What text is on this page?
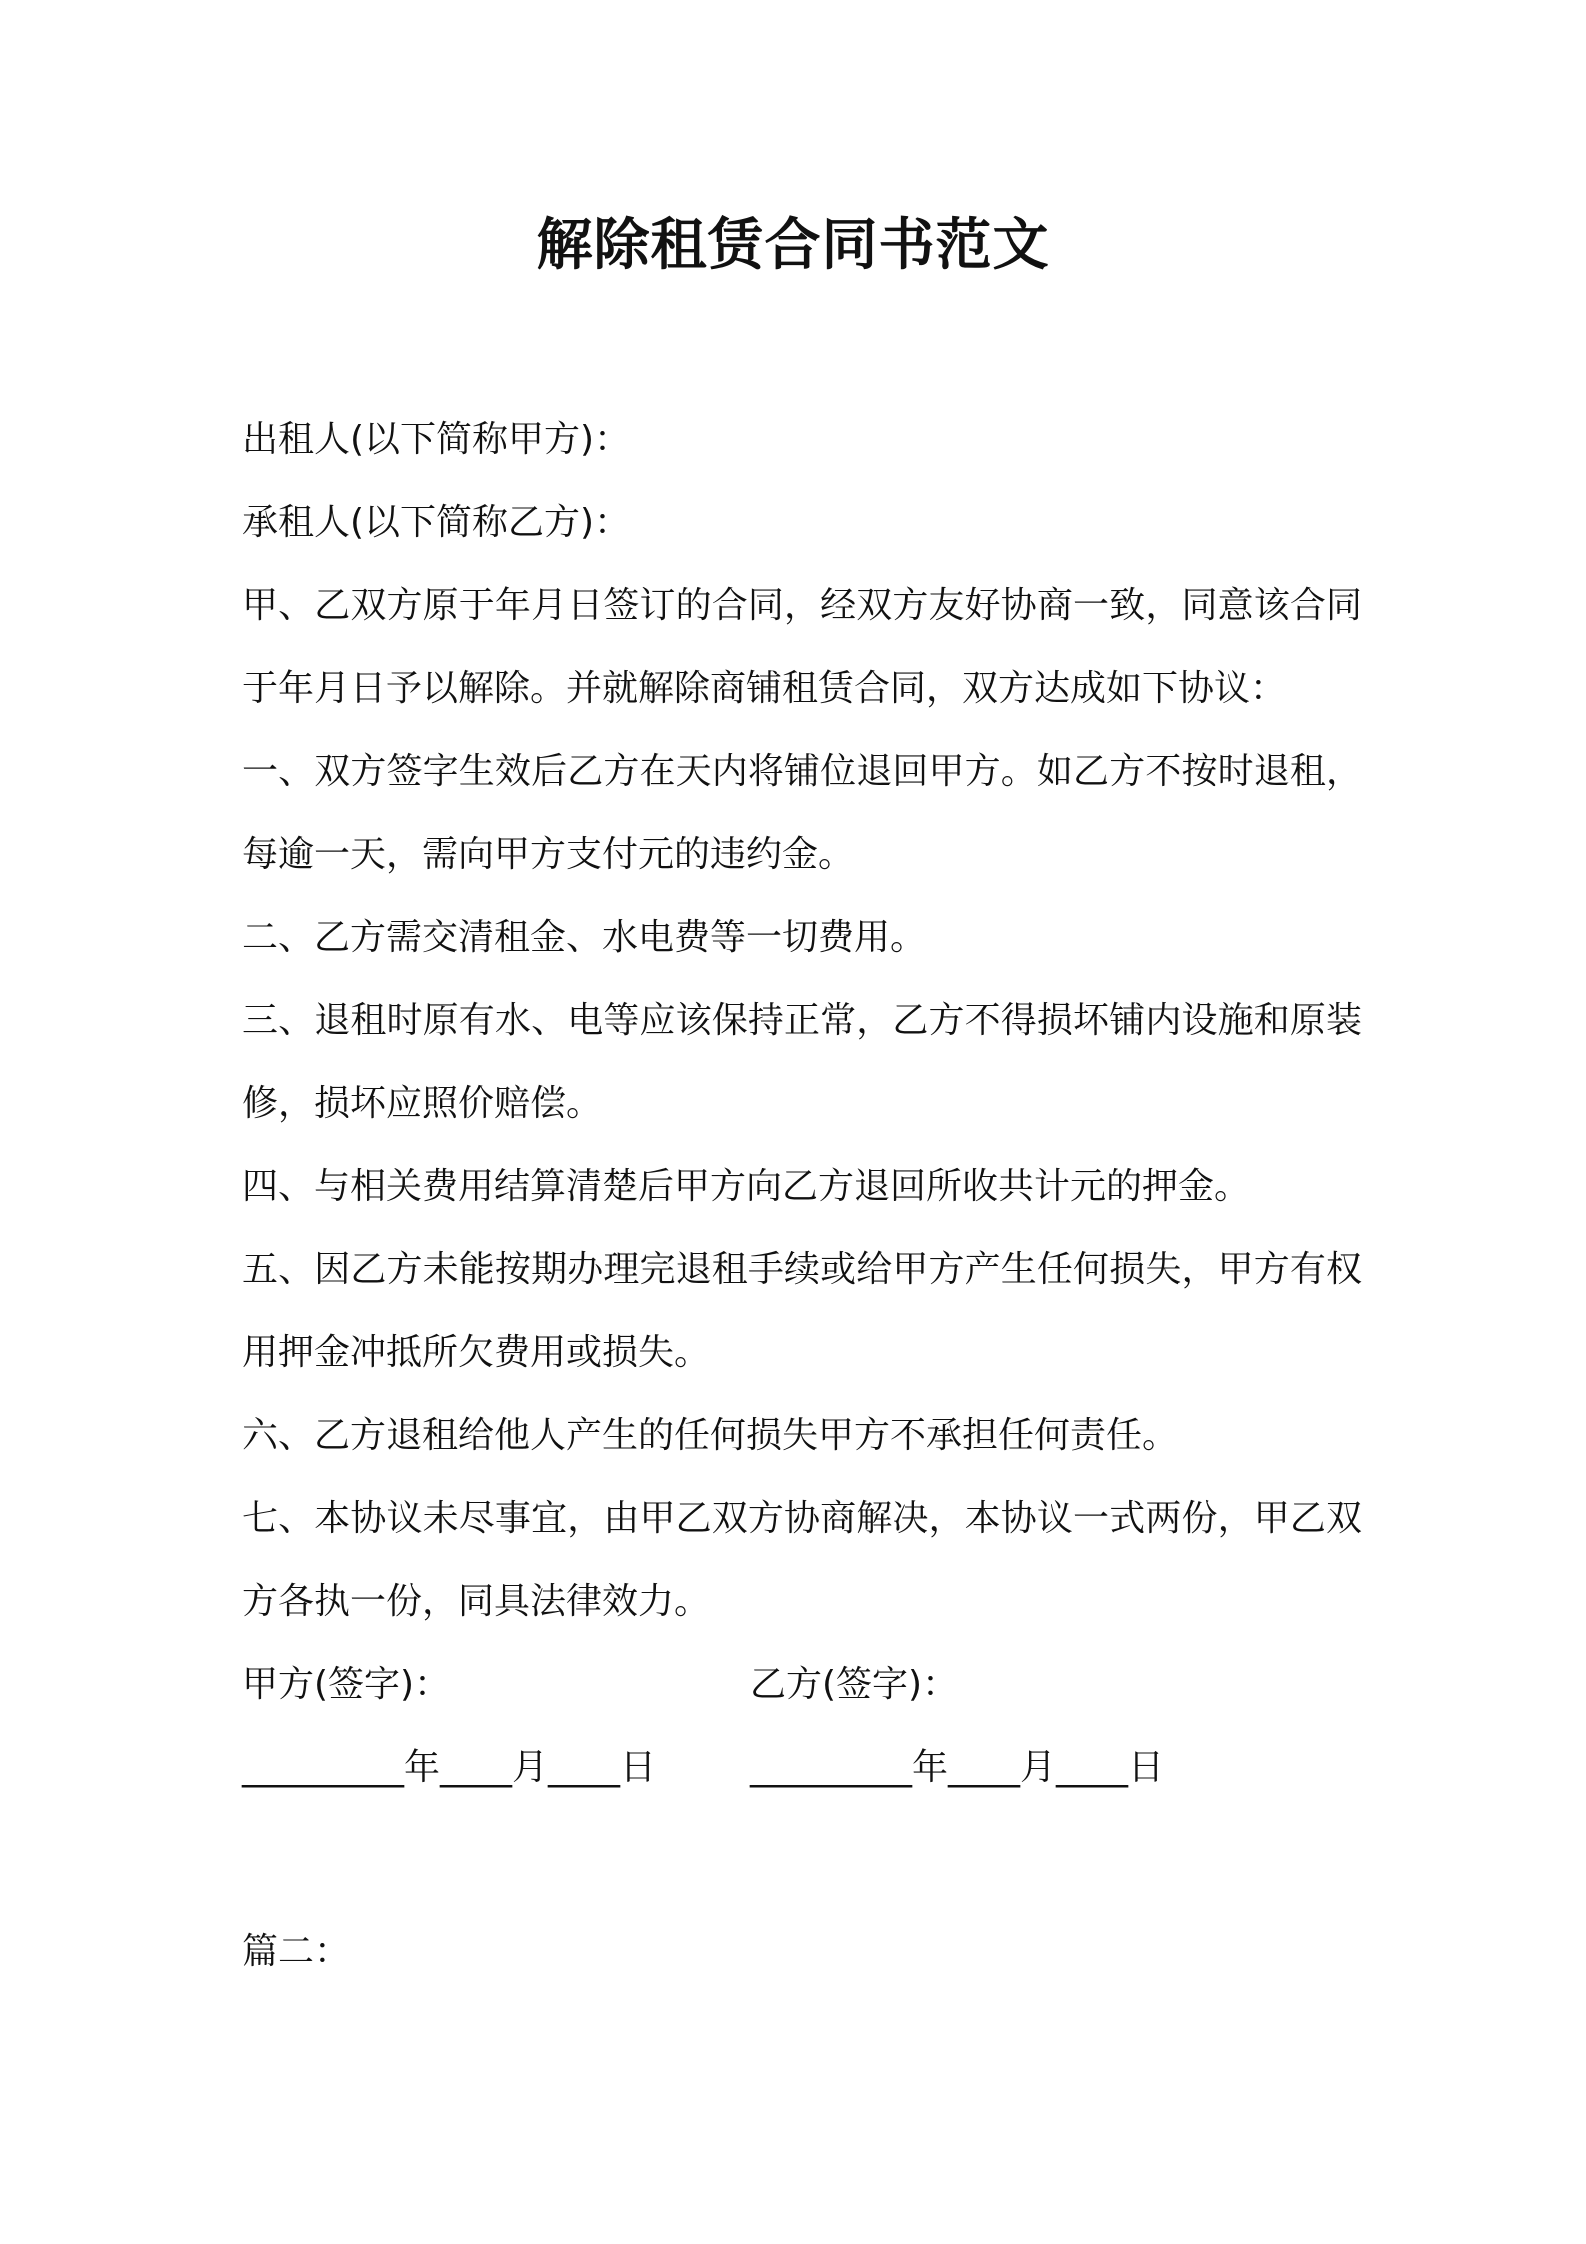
解除租赁合同书范文

出租人(以下简称甲方)：

承租人(以下简称乙方)：

甲、乙双方原于年月日签订的合同，经双方友好协商一致，同意该合同于年月日予以解除。并就解除商铺租赁合同，双方达成如下协议：

一、双方签字生效后乙方在天内将铺位退回甲方。如乙方不按时退租，每逾一天，需向甲方支付元的违约金。

二、乙方需交清租金、水电费等一切费用。

三、退租时原有水、电等应该保持正常，乙方不得损坏铺内设施和原装修，损坏应照价赔偿。

四、与相关费用结算清楚后甲方向乙方退回所收共计元的押金。

五、因乙方未能按期办理完退租手续或给甲方产生任何损失，甲方有权用押金冲抵所欠费用或损失。

六、乙方退租给他人产生的任何损失甲方不承担任何责任。

七、本协议未尽事宜，由甲乙双方协商解决，本协议一式两份，甲乙双方各执一份，同具法律效力。

甲方(签字)：	乙方(签字)：
_________年____月____日	_________年____月____日
篇二：
